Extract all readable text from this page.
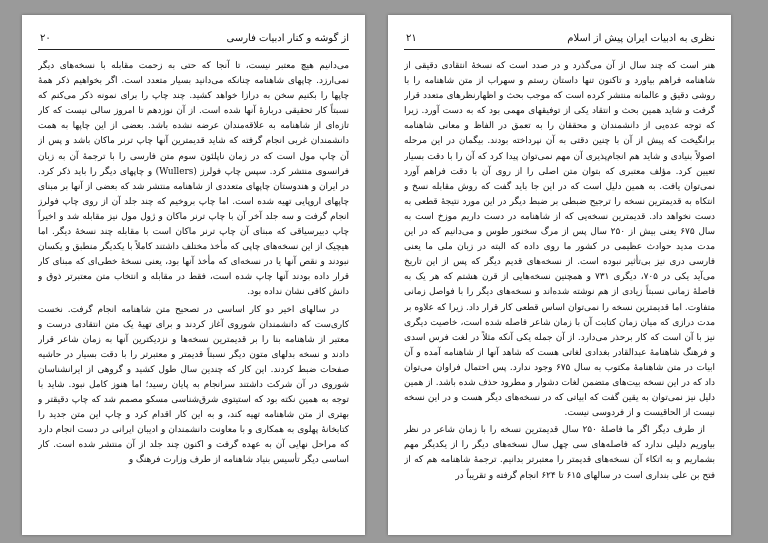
از گوشه و کنار ادبیات فارسی
۲۰

می‌دانیم هیچ معتبر نیست، تا آنجا که حتی به زحمت مقابله با نسخه‌های دیگر نمی‌ارزد. چاپهای شاهنامه چنانکه می‌دانید بسیار متعدد است. اگر بخواهیم ذکر همهٔ چاپها را بکنیم سخن به درازا خواهد کشید. چند چاپ را برای نمونه ذکر می‌کنم که نسبتاً کار تحقیقی دربارهٔ آنها شده است. از آن نوزدهم تا امروز سالی نیست که کار تازه‌ای از شاهنامه به علاقه‌مندان عرضه نشده باشد. بعضی از این چاپها به همت دانشمندان غربی انجام گرفته که شاید قدیمترین آنها چاپ ترنر ماکان باشد و پس از آن چاپ مول است که در زمان ناپلئون سوم متن فارسی را با ترجمهٔ آن به زبان فرانسوی منتشر کرد. سپس چاپ فولرز (Wullers) و چاپهای دیگر را باید ذکر کرد. در ایران و هندوستان چاپهای متعددی از شاهنامه منتشر شد که بعضی از آنها بر مبنای چاپهای اروپایی تهیه شده است. اما چاپ بروخیم که چند جلد آن از روی چاپ فولرز انجام گرفت و سه جلد آخر آن با چاپ ترنر ماکان و ژول مول نیز مقابله شد و اخیراً چاپ دبیرسیاقی که مبنای آن چاپ ترنر ماکان است با مقابله چند نسخهٔ دیگر. اما هیچیک از این نسخه‌های چاپی که مأخذ مختلف داشتند کاملاً با یکدیگر منطبق و یکسان نبودند و نقص آنها یا در نسخه‌ای که مأخذ آنها بود، یعنی نسخهٔ خطی‌ای که مبنای کار قرار داده بودند آنها چاپ شده است، فقط در مقابله و انتخاب متن معتبرتر ذوق و دانش کافی نشان نداده بود.

در سالهای اخیر دو کار اساسی در تصحیح متن شاهنامه انجام گرفت. نخست کاری‌ست که دانشمندان شوروی آغاز کردند و برای تهیهٔ یک متن انتقادی درست و معتبر از شاهنامه بنا را بر قدیمترین نسخه‌ها و نزدیکترین آنها به زمان شاعر قرار دادند و نسخه بدلهای متون دیگر نسبتاً قدیمتر و معتبرتر را با دقت بسیار در حاشیه صفحات ضبط کردند. این کار که چندین سال طول کشید و گروهی از ایرانشناسان شوروی در آن شرکت داشتند سرانجام به پایان رسید؛ اما هنوز کامل نبود. شاید با توجه به همین نکته بود که استیتوی شرق‌شناسی مسکو مصمم شد که چاپ دقیقتر و بهتری از متن شاهنامه تهیه کند، و به این کار اقدام کرد و چاپ این متن جدید را کتابخانهٔ پهلوی به همکاری و با معاونت دانشمندان و ادیبان ایرانی در دست انجام دارد که مراحل نهایی آن به عهده گرفت و اکنون چند جلد از آن منتشر شده است. کار اساسی دیگر تأسیس بنیاد شاهنامه از طرف وزارت فرهنگ و

نظری به ادبیات ایران پیش از اسلام
۲۱

هنر است که چند سال از آن می‌گذرد و در صدد است که نسخهٔ انتقادی دقیقی از شاهنامه فراهم بیاورد و تاکنون تنها داستان رستم و سهراب از متن شاهنامه را با روشی دقیق و عالمانه منتشر کرده است که موجب بحث و اظهارنظرهای متعدد قرار گرفت و شاید همین بحث و انتقاد یکی از توفیقهای مهمی بود که به دست آورد. زیرا که توجه عده‌یی از دانشمندان و محققان را به تعمق در الفاظ و معانی شاهنامه برانگیخت که پیش از آن با چنین دقتی به آن نپرداخته بودند. بیگمان در این مرحله اصولاً بنیادی و شاید هم انجام‌پذیری آن مهم نمی‌توان پیدا کرد که آن را با دقت بسیار تعیین کرد. مؤلف معتبری که بتوان متن اصلی را از روی آن با دقت فراهم آورد نمی‌توان یافت. به همین دلیل است که در این جا باید گفت که روش مقابله نسخ و انتکاه به قدیمترین نسخه را ترجیح ضبطی بر ضبط دیگر در این مورد نتیجهٔ قطعی به دست نخواهد داد. قدیمترین نسخه‌یی که از شاهنامه در دست داریم موزخ است به سال ۶۷۵ یعنی بیش از ۲۵۰ سال پس از مرگ سخنور طوس و می‌دانیم که در این مدت مدید حوادث عظیمی در کشور ما روی داده که البته در زبان ملی ما یعنی فارسی دری نیز بی‌تأثیر نبوده است. از نسخه‌های قدیم دیگر که پس از این تاریخ می‌آید یکی در ۷۰۵، دیگری ۷۳۱ و همچنین نسخه‌هایی از قرن هشتم که هر یک به فاصلهٔ زمانی نسبتاً زیادی از هم نوشته شده‌اند و نسخه‌های دیگر را با فواصل زمانی متفاوت. اما قدیمترین نسخه را نمی‌توان اساس قطعی کار قرار داد. زیرا که علاوه بر مدت درازی که میان زمان کتابت آن با زمان شاعر فاصله شده است، خاصیت دیگری نیز با آن است که کار برحذر می‌دارد. از آن جمله یکی آنکه مثلاً در لغت فرس اسدی و فرهنگ شاهنامهٔ عبدالقادر بغدادی لغاتی هست که شاهد آنها از شاهنامه آمده و آن ابیات در متن شاهنامهٔ مکتوب به سال ۶۷۵ وجود ندارد. پس احتمال فراوان می‌توان داد که در این نسخه بیت‌های متضمن لغات دشوار و مطرود حذف شده باشد. از همین دلیل نیز نمی‌توان به یقین گفت که ابیاتی که در نسخه‌های دیگر هست و در این نسخه نیست از الحاقیست و از فردوسی نیست.

از طرف دیگر اگر ما فاصلهٔ ۲۵۰ سال قدیمترین نسخه را با زمان شاعر در نظر بیاوریم دلیلی ندارد که فاصله‌های سی چهل سال نسخه‌های دیگر را از یکدیگر مهم بشماریم و به اتکاء آن نسخه‌های قدیمتر را معتبرتر بدانیم. ترجمهٔ شاهنامه هم که از فتح بن علی بنداری است در سالهای ۶۱۵ تا ۶۲۴ انجام گرفته و تقریباً در
